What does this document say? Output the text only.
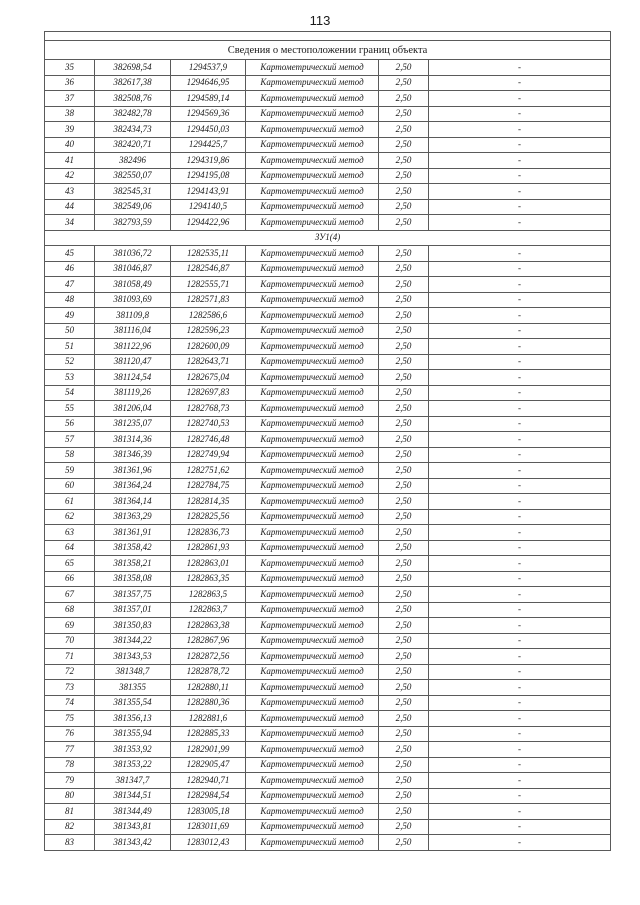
113

Сведения о местоположении границ объекта					
35	382698,54	1294537,9	Картометрический метод	2,50	-
36	382617,38	1294646,95	Картометрический метод	2,50	-
37	382508,76	1294589,14	Картометрический метод	2,50	-
38	382482,78	1294569,36	Картометрический метод	2,50	-
39	382434,73	1294450,03	Картометрический метод	2,50	-
40	382420,71	1294425,7	Картометрический метод	2,50	-
41	382496	1294319,86	Картометрический метод	2,50	-
42	382550,07	1294195,08	Картометрический метод	2,50	-
43	382545,31	1294143,91	Картометрический метод	2,50	-
44	382549,06	1294140,5	Картометрический метод	2,50	-
34	382793,59	1294422,96	Картометрический метод	2,50	-
ЗУ1(4)					
45	381036,72	1282535,11	Картометрический метод	2,50	-
46	381046,87	1282546,87	Картометрический метод	2,50	-
47	381058,49	1282555,71	Картометрический метод	2,50	-
48	381093,69	1282571,83	Картометрический метод	2,50	-
49	381109,8	1282586,6	Картометрический метод	2,50	-
50	381116,04	1282596,23	Картометрический метод	2,50	-
51	381122,96	1282600,09	Картометрический метод	2,50	-
52	381120,47	1282643,71	Картометрический метод	2,50	-
53	381124,54	1282675,04	Картометрический метод	2,50	-
54	381119,26	1282697,83	Картометрический метод	2,50	-
55	381206,04	1282768,73	Картометрический метод	2,50	-
56	381235,07	1282740,53	Картометрический метод	2,50	-
57	381314,36	1282746,48	Картометрический метод	2,50	-
58	381346,39	1282749,94	Картометрический метод	2,50	-
59	381361,96	1282751,62	Картометрический метод	2,50	-
60	381364,24	1282784,75	Картометрический метод	2,50	-
61	381364,14	1282814,35	Картометрический метод	2,50	-
62	381363,29	1282825,56	Картометрический метод	2,50	-
63	381361,91	1282836,73	Картометрический метод	2,50	-
64	381358,42	1282861,93	Картометрический метод	2,50	-
65	381358,21	1282863,01	Картометрический метод	2,50	-
66	381358,08	1282863,35	Картометрический метод	2,50	-
67	381357,75	1282863,5	Картометрический метод	2,50	-
68	381357,01	1282863,7	Картометрический метод	2,50	-
69	381350,83	1282863,38	Картометрический метод	2,50	-
70	381344,22	1282867,96	Картометрический метод	2,50	-
71	381343,53	1282872,56	Картометрический метод	2,50	-
72	381348,7	1282878,72	Картометрический метод	2,50	-
73	381355	1282880,11	Картометрический метод	2,50	-
74	381355,54	1282880,36	Картометрический метод	2,50	-
75	381356,13	1282881,6	Картометрический метод	2,50	-
76	381355,94	1282885,33	Картометрический метод	2,50	-
77	381353,92	1282901,99	Картометрический метод	2,50	-
78	381353,22	1282905,47	Картометрический метод	2,50	-
79	381347,7	1282940,71	Картометрический метод	2,50	-
80	381344,51	1282984,54	Картометрический метод	2,50	-
81	381344,49	1283005,18	Картометрический метод	2,50	-
82	381343,81	1283011,69	Картометрический метод	2,50	-
83	381343,42	1283012,43	Картометрический метод	2,50	-
